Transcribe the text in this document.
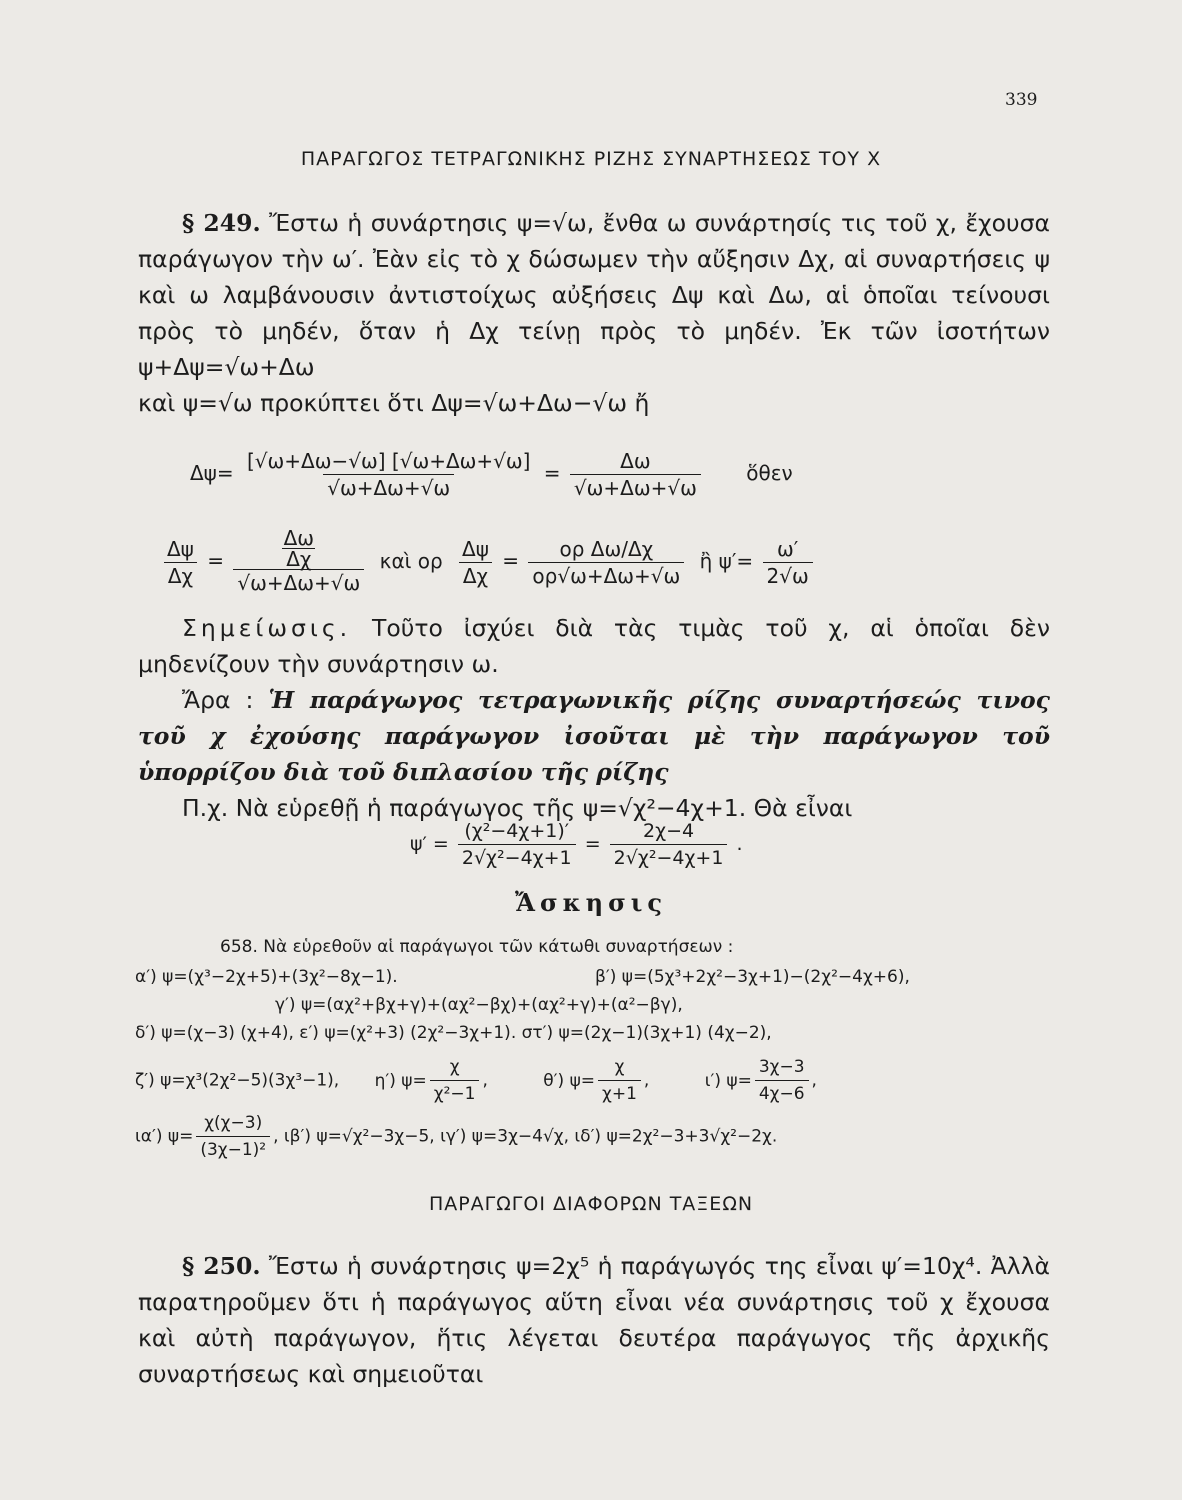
339
ΠΑΡΑΓΩΓΟΣ ΤΕΤΡΑΓΩΝΙΚΗΣ ΡΙΖΗΣ ΣΥΝΑΡΤΗΣΕΩΣ ΤΟΥ Χ

§ 249. Ἔστω ἡ συνάρτησις ψ=√ω, ἔνθα ω συνάρτησίς τις τοῦ χ, ἔχουσα παράγωγον τὴν ω′. Ἐὰν εἰς τὸ χ δώσωμεν τὴν αὔξησιν Δχ, αἱ συναρτήσεις ψ καὶ ω λαμβάνουσιν ἀντιστοίχως αὐξήσεις Δψ καὶ Δω, αἱ ὁποῖαι τείνουσι πρὸς τὸ μηδέν, ὅταν ἡ Δχ τείνῃ πρὸς τὸ μηδέν. Ἐκ τῶν ἰσοτήτων ψ+Δψ=√ω+Δω

καὶ ψ=√ω προκύπτει ὅτι Δψ=√ω+Δω−√ω ἤ

$\Delta\psi= \frac{[√\omega+\Delta\omega-√\omega] [√\omega+\Delta\omega+√\omega]}{√\omega+\Delta\omega+√\omega} = \frac{\Delta\omega}{√\omega+\Delta\omega+√\omega}$ ὅθεν
$\frac{\Delta\psi}{\Delta\chi} = \frac{\frac{\Delta\omega}{\Delta\chi}}{√\omega+\Delta\omega+√\omega}$ καὶ ορ $\frac{\Delta\psi}{\Delta\chi} = \frac{\text{ορ Δω/Δχ}}{o\rho√\omega+\Delta\omega+√\omega}$ ἢ $\psi'= \frac{\omega'}{2√\omega}$

Σημείωσις. Τοῦτο ἰσχύει διὰ τὰς τιμὰς τοῦ χ, αἱ ὁποῖαι δὲν μηδενίζουν τὴν συνάρτησιν ω.

Ἄρα : Ἡ παράγωγος τετραγωνικῆς ρίζης συναρτήσεώς τινος τοῦ χ ἐχούσης παράγωγον ἰσοῦται μὲ τὴν παράγωγον τοῦ ὑπορρίζου διὰ τοῦ διπλασίου τῆς ρίζης

Π.χ. Νὰ εὑρεθῇ ἡ παράγωγος τῆς ψ=√χ²−4χ+1. Θὰ εἶναι

$\psi' = \frac{\text{(χ²−4χ+1)′}}{\text{2√χ²−4χ+1}} = \frac{2\chi-4}{\text{2√χ²−4χ+1}}$ .
Ἄσκησις
658. Νὰ εὑρεθοῦν αἱ παράγωγοι τῶν κάτωθι συναρτήσεων :
α′) ψ=(χ³−2χ+5)+(3χ²−8χ−1).	β′) ψ=(5χ³+2χ²−3χ+1)−(2χ²−4χ+6),
γ′) ψ=(αχ²+βχ+γ)+(αχ²−βχ)+(αχ²+γ)+(α²−βγ),
δ′) ψ=(χ−3) (χ+4), ε′) ψ=(χ²+3) (2χ²−3χ+1). στ′) ψ=(2χ−1)(3χ+1) (4χ−2),
ζ′) ψ=χ³(2χ²−5)(3χ³−1), η′) $\psi= \frac{\chi}{\text{χ²−1}}$ ,	θ′) $\psi= \frac{\chi}{\chi+1}$ ,	ι′) $\psi= \frac{3\chi-3}{4\chi-6}$ ,
ια′) $\psi= \frac{\chi(\chi-3)}{\text{(3χ−1)²}}$ , ιβ′) ψ=√χ²−3χ−5, ιγ′) ψ=3χ−4√χ, ιδ′) ψ=2χ²−3+3√χ²−2χ.
ΠΑΡΑΓΩΓΟΙ ΔΙΑΦΟΡΩΝ ΤΑΞΕΩΝ

§ 250. Ἔστω ἡ συνάρτησις ψ=2χ⁵ ἡ παράγωγός της εἶναι ψ′=10χ⁴. Ἀλλὰ παρατηροῦμεν ὅτι ἡ παράγωγος αὕτη εἶναι νέα συνάρτησις τοῦ χ ἔχουσα καὶ αὐτὴ παράγωγον, ἥτις λέγεται δευτέρα παράγωγος τῆς ἀρχικῆς συναρτήσεως καὶ σημειοῦται
